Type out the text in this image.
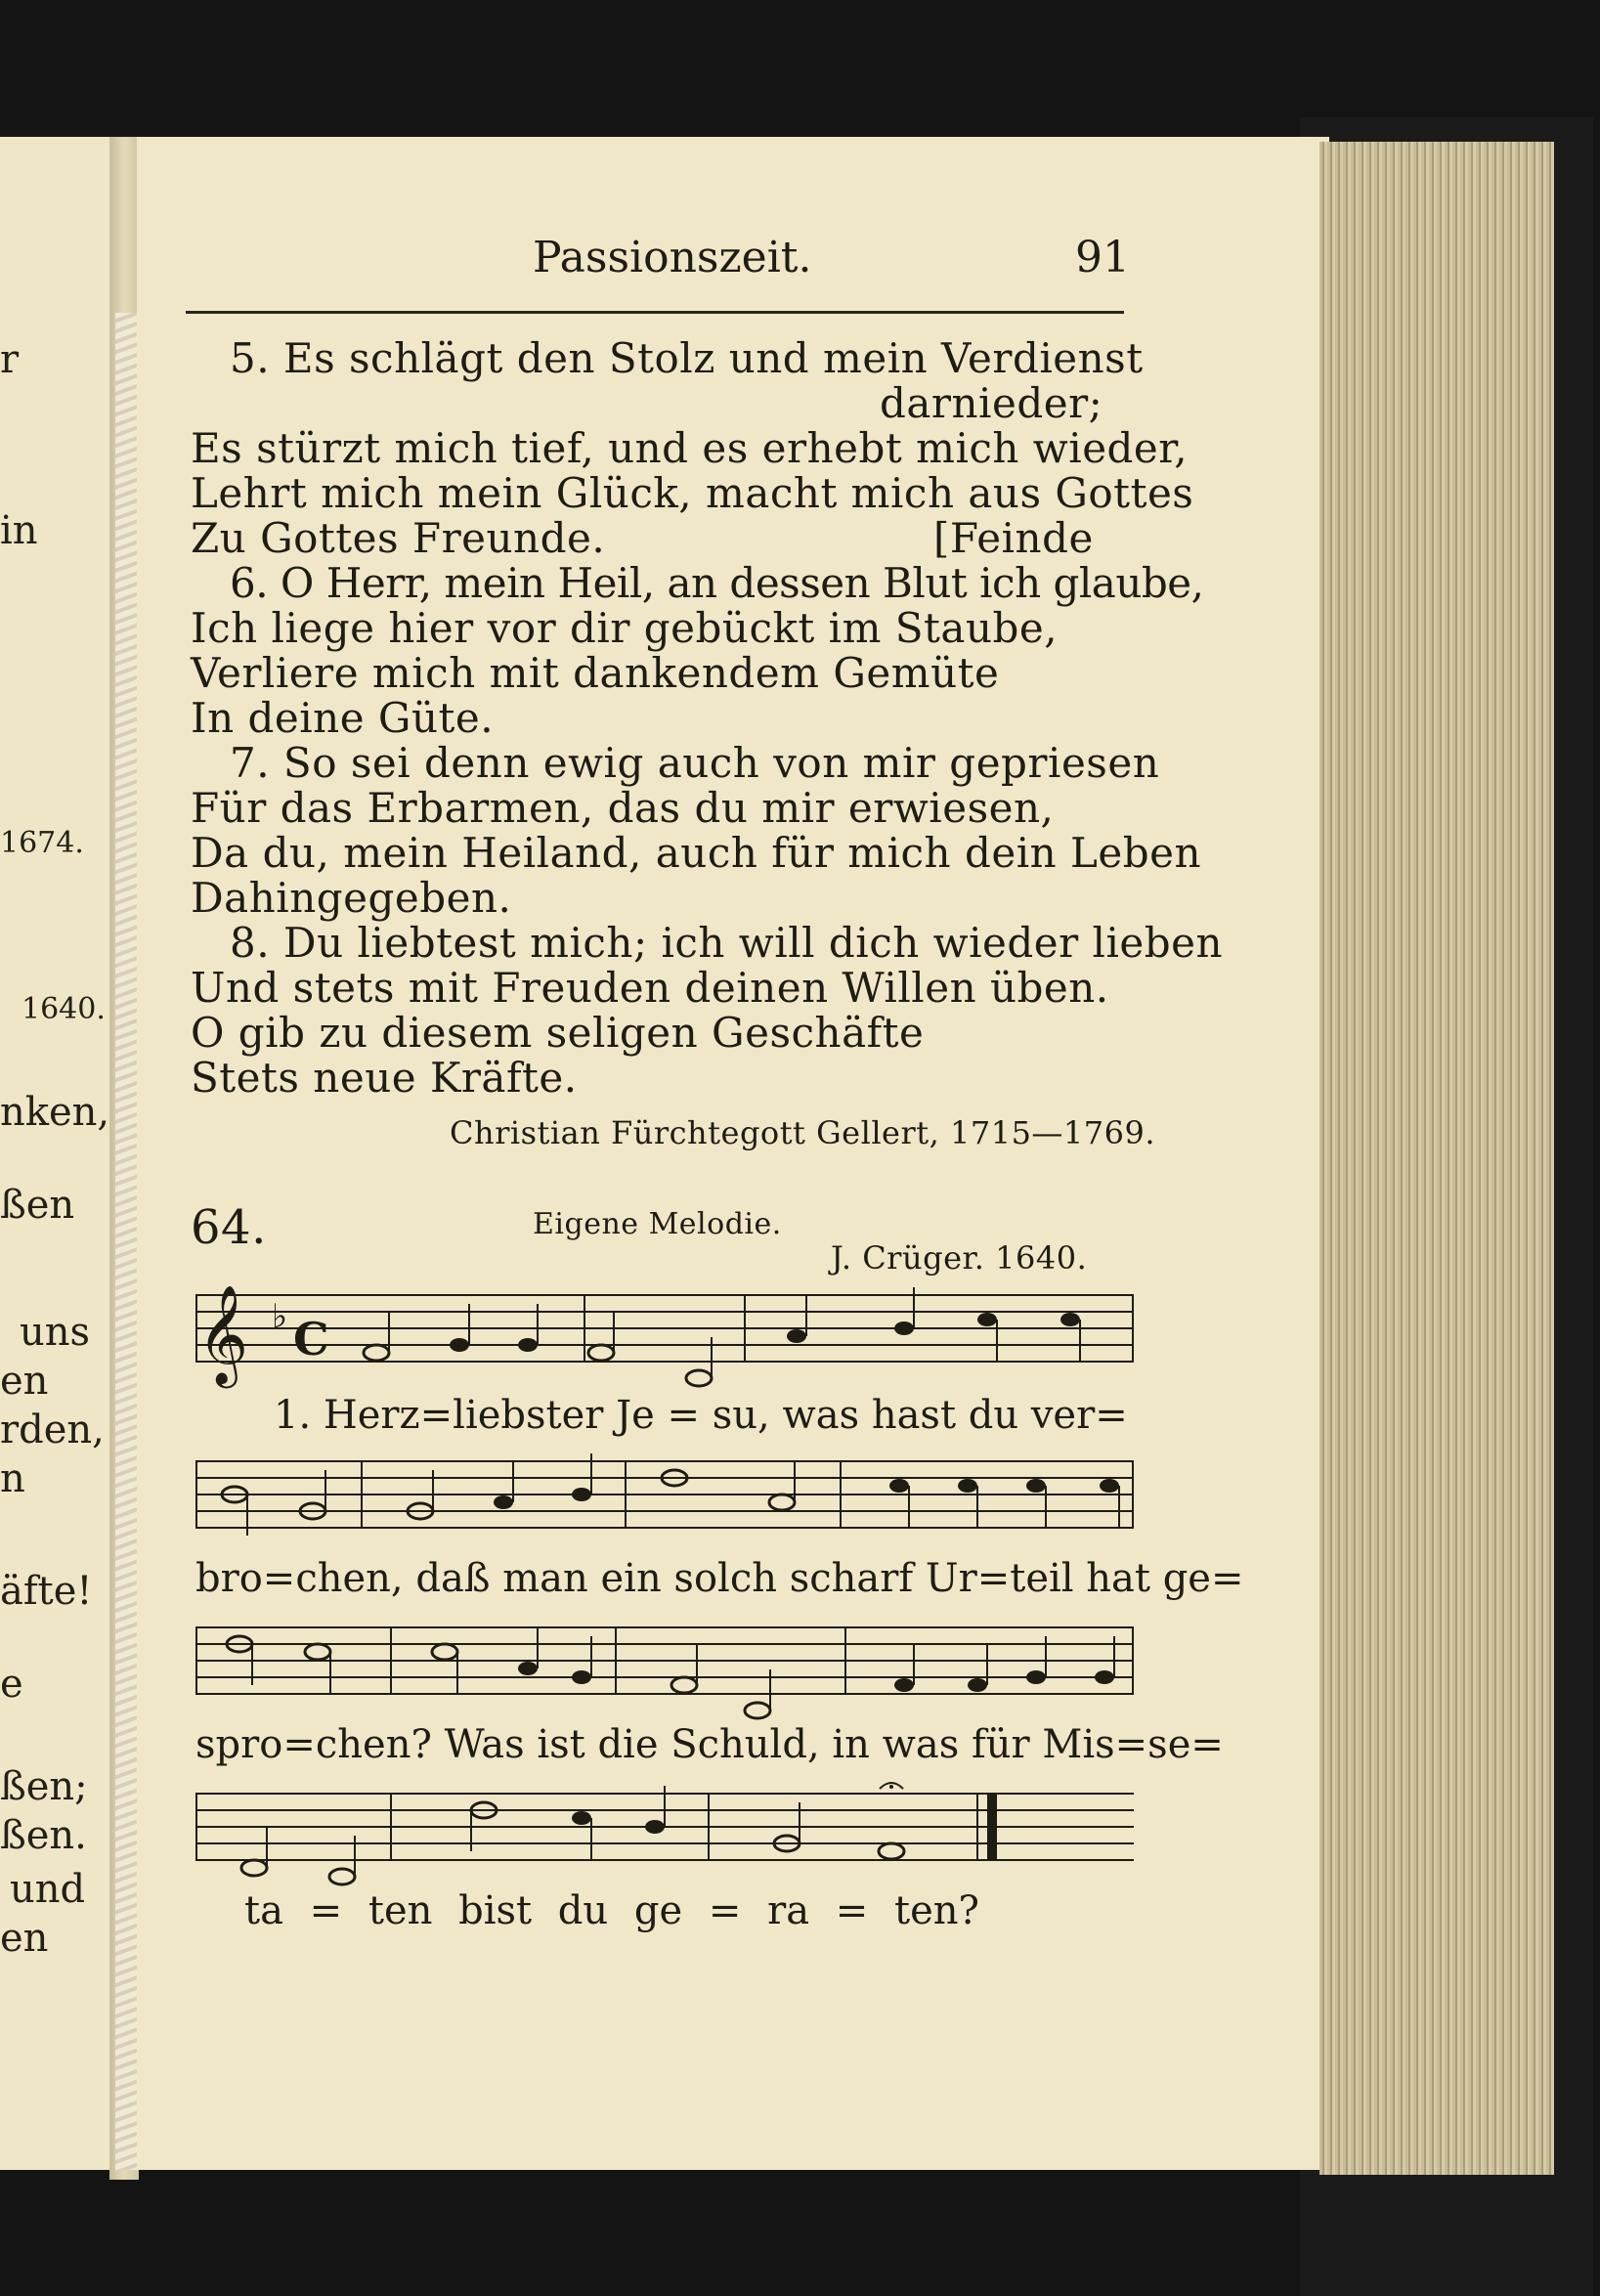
r
in
1674.
1640.
nken,
ßen
uns
en
rden,
n
äfte!
e
ßen;
ßen.
und
en
Passionszeit.	91
5. Es schlägt den Stolz und mein Verdienst
darnieder;
Es stürzt mich tief, und es erhebt mich wieder,
Lehrt mich mein Glück, macht mich aus Gottes
Zu Gottes Freunde.	[Feinde
6. O Herr, mein Heil, an dessen Blut ich glaube,
Ich liege hier vor dir gebückt im Staube,
Verliere mich mit dankendem Gemüte
In deine Güte.
7. So sei denn ewig auch von mir gepriesen
Für das Erbarmen, das du mir erwiesen,
Da du, mein Heiland, auch für mich dein Leben
Dahingegeben.
8. Du liebtest mich; ich will dich wieder lieben
Und stets mit Freuden deinen Willen üben.
O gib zu diesem seligen Geschäfte
Stets neue Kräfte.
Christian Fürchtegott Gellert, 1715—1769.
64.	Eigene Melodie.
J. Crüger. 1640.
𝄞 ♭ C
1. Herz=liebster Je = su, was hast du ver=
bro=chen, daß man ein solch scharf Ur=teil hat ge=
spro=chen? Was ist die Schuld, in was für Mis=se=
ta = ten bist du ge = ra = ten?
